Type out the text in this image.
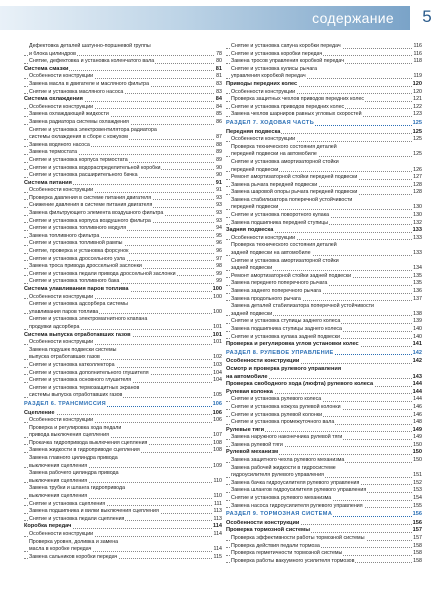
содержание	5
Дефектовка деталей шатунно-поршневой группы
и блока цилиндров	78
Снятие, дефектовка и установка коленчатого вала	80
Система смазки	81
Особенности конструкции	81
Замена масла в двигателе и масляного фильтра	83
Снятие и установка масляного насоса	83
Система охлаждения	84
Особенности конструкции	84
Замена охлаждающей жидкости	85
Замена радиатора системы охлаждения	86
Снятие и установка электровентилятора радиатора
системы охлаждения в сборе с кожухом	87
Замена водяного насоса	88
Замена термостата	89
Снятие и установка корпуса термостата	89
Снятие и установка водораспределительной коробки	90
Снятие и установка расширительного бачка	90
Система питания	91
Особенности конструкции	91
Проверка давления в системе питания двигателя	93
Снижение давления в системе питания двигателя	93
Замена фильтрующего элемента воздушного фильтра	93
Снятие и установка корпуса воздушного фильтра	93
Снятие и установка топливного модуля	94
Замена топливного фильтра	95
Снятие и установка топливной рампы	96
Снятие, проверка и установка форсунок	96
Снятие и установка дроссельного узла	97
Замена троса привода дроссельной заслонки	98
Снятие и установка педали привода дроссельной заслонки	99
Снятие и установка топливного бака	99
Система улавливания паров топлива	100
Особенности конструкции	100
Снятие и установка адсорбера системы
улавливания паров топлива	100
Снятие и установка электромагнитного клапана
продувки адсорбера	101
Система выпуска отработавших газов	101
Особенности конструкции	101
Замена подушек подвески системы
выпуска отработавших газов	102
Снятие и установка катколлектора	103
Снятие и установка дополнительного глушителя	104
Снятие и установка основного глушителя	104
Снятие и установка термозащитных экранов
системы выпуска отработавших газов	105
РАЗДЕЛ 6. ТРАНСМИССИЯ	106
Сцепление	106
Особенности конструкции	106
Проверка и регулировка хода педали
привода выключения сцепления	107
Прокачка гидропривода выключения сцепления	108
Замена жидкости в гидроприводе сцепления	108
Замена главного цилиндра привода
выключения сцепления	109
Замена рабочего цилиндра привода
выключения сцепления	110
Замена трубки и шланга гидропривода
выключения сцепления	110
Снятие и установка сцепления	111
Замена подшипника и вилки выключения сцепления	113
Снятие и установка педали сцепления	113
Коробка передач	114
Особенности конструкции	114
Проверка уровня, доливка и замена
масла в коробке передач	114
Замена сальников коробки передач	115
Снятие и установка сапуна коробки передач	116
Снятие и установка коробки передач	116
Замена тросов управления коробкой передач	118
Снятие и установка кулисы рычага
управления коробкой передач	119
Приводы передних колес	120
Особенности конструкции	120
Проверка защитных чехлов приводов передних колес	121
Снятие и установка приводов передних колес	122
Замена чехлов шарниров равных угловых скоростей	123
РАЗДЕЛ 7. ХОДОВАЯ ЧАСТЬ	125
Передняя подвеска	125
Особенности конструкции	125
Проверка технического состояния деталей
передней подвески на автомобиле	125
Снятие и установка амортизаторной стойки
передней подвески	126
Ремонт амортизаторной стойки передней подвески	127
Замена рычага передней подвески	128
Замена шаровой опоры рычага передней подвески	128
Замена стабилизатора поперечной устойчивости
передней подвески	130
Снятие и установка поворотного кулака	130
Замена подшипника передней ступицы	132
Задняя подвеска	133
Особенности конструкции	133
Проверка технического состояния деталей
задней подвески на автомобиле	133
Снятие и установка амортизаторной стойки
задней подвески	134
Ремонт амортизаторной стойки задней подвески	135
Замена переднего поперечного рычага	135
Замена заднего поперечного рычага	136
Замена продольного рычага	137
Замена деталей стабилизатора поперечной устойчивости
задней подвески	138
Снятие и установка ступицы заднего колеса	139
Замена подшипника ступицы заднего колеса	140
Снятие и установка кулака задней подвески	140
Проверка и регулировка углов установки колес	141
РАЗДЕЛ 8. РУЛЕВОЕ УПРАВЛЕНИЕ	142
Особенности конструкции	142
Осмотр и проверка рулевого управления
на автомобиле	143
Проверка свободного хода (люфта) рулевого колеса	144
Рулевая колонка	144
Снятие и установка рулевого колеса	144
Снятие и установка кожуха рулевой колонки	146
Снятие и установка рулевой колонки	146
Снятие и установка промежуточного вала	148
Рулевые тяги	149
Замена наружного наконечника рулевой тяги	149
Замена рулевой тяги	150
Рулевой механизм	150
Замена защитного чехла рулевого механизма	150
Замена рабочей жидкости в гидросистеме
гидроусилителя рулевого управления	151
Замена бачка гидроусилителя рулевого управления	152
Замена шлангов гидроусилителя рулевого управления	153
Снятие и установка рулевого механизма	154
Замена насоса гидроусилителя рулевого управления	155
РАЗДЕЛ 9. ТОРМОЗНАЯ СИСТЕМА	156
Особенности конструкции	156
Проверка тормозной системы	157
Проверка эффективности работы тормозной системы	157
Проверка действия педали тормоза	158
Проверка герметичности тормозной системы	158
Проверка работы вакуумного усилителя тормозов	158
